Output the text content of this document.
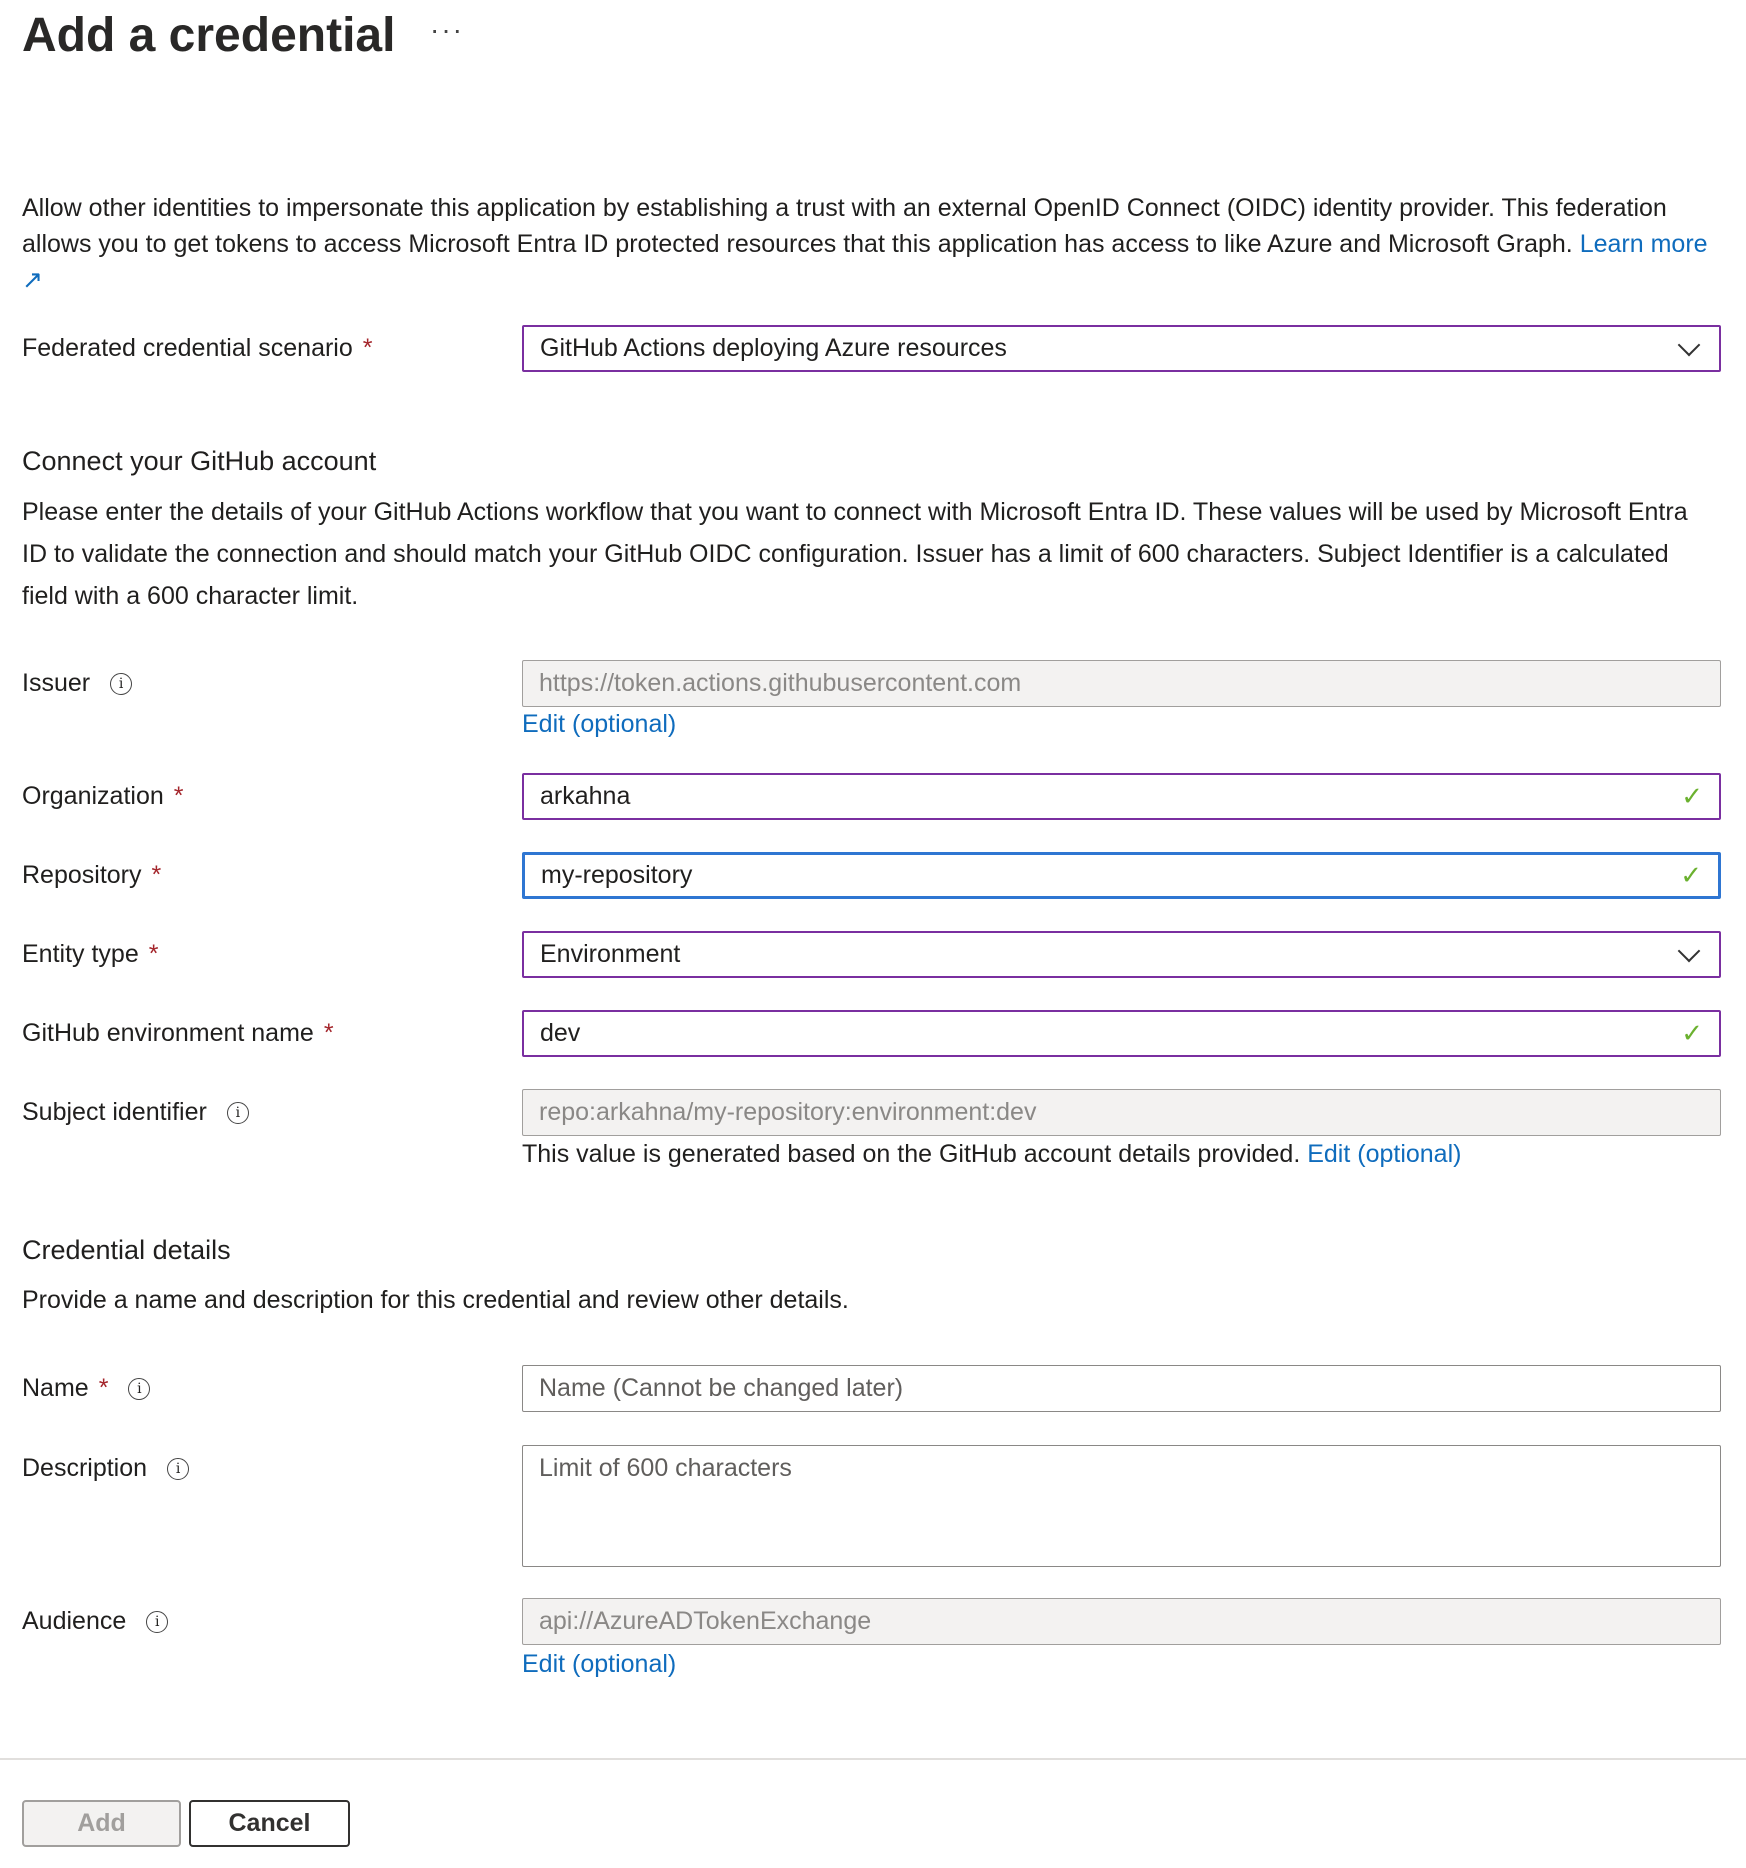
Add a credential ···
Allow other identities to impersonate this application by establishing a trust with an external OpenID Connect (OIDC) identity provider. This federation allows you to get tokens to access Microsoft Entra ID protected resources that this application has access to like Azure and Microsoft Graph. Learn more ↗
Federated credential scenario *	GitHub Actions deploying Azure resources
Connect your GitHub account
Please enter the details of your GitHub Actions workflow that you want to connect with Microsoft Entra ID. These values will be used by Microsoft Entra ID to validate the connection and should match your GitHub OIDC configuration. Issuer has a limit of 600 characters. Subject Identifier is a calculated field with a 600 character limit.
Issuer	i	https://token.actions.githubusercontent.com
Edit (optional)
Organization *	arkahna	✓
Repository *	my-repository	✓
Entity type *	Environment
GitHub environment name *	dev	✓
Subject identifier	i	repo:arkahna/my-repository:environment:dev
This value is generated based on the GitHub account details provided. Edit (optional)
Credential details
Provide a name and description for this credential and review other details.
Name *	i	Name (Cannot be changed later)
Description	i	Limit of 600 characters
Audience	i	api://AzureADTokenExchange
Edit (optional)
Add	Cancel
